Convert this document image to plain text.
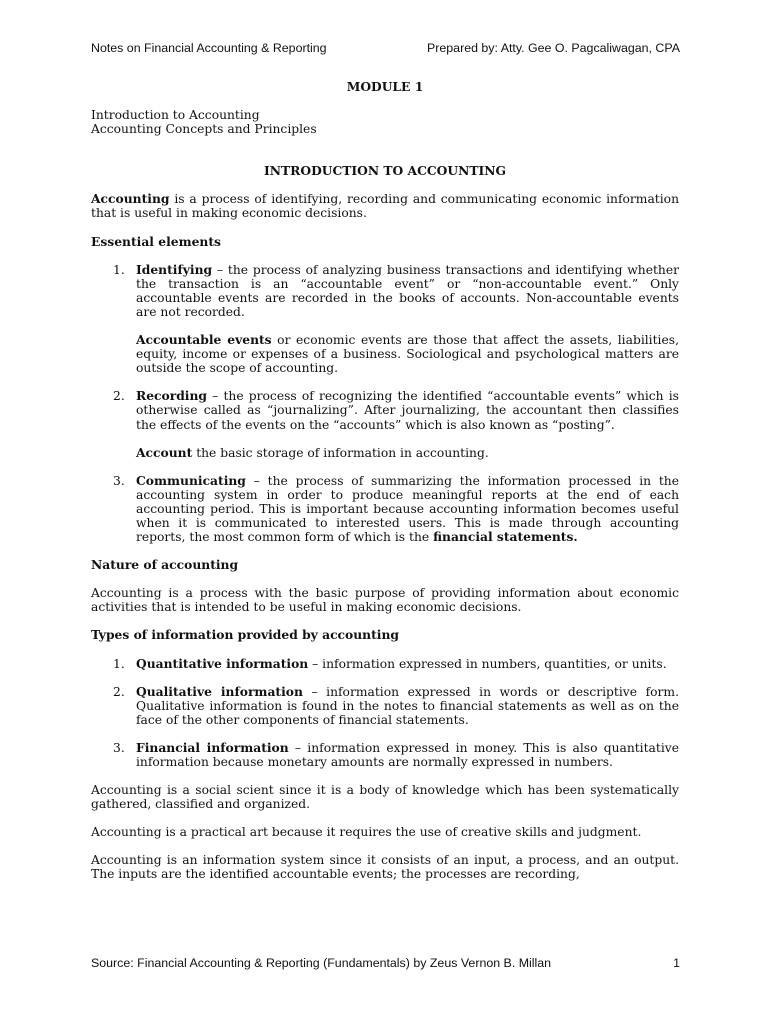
Notes on Financial Accounting & Reporting	Prepared by: Atty. Gee O. Pagcaliwagan, CPA

MODULE 1

Introduction to Accounting

Accounting Concepts and Principles

INTRODUCTION TO ACCOUNTING

Accounting is a process of identifying, recording and communicating economic information that is useful in making economic decisions.

Essential elements

1. Identifying – the process of analyzing business transactions and identifying whether the transaction is an “accountable event” or “non-accountable event.” Only accountable events are recorded in the books of accounts. Non-accountable events are not recorded.

Accountable events or economic events are those that affect the assets, liabilities, equity, income or expenses of a business. Sociological and psychological matters are outside the scope of accounting.

2. Recording – the process of recognizing the identified “accountable events” which is otherwise called as “journalizing”. After journalizing, the accountant then classifies the effects of the events on the “accounts” which is also known as “posting”.

Account the basic storage of information in accounting.

3. Communicating – the process of summarizing the information processed in the accounting system in order to produce meaningful reports at the end of each accounting period. This is important because accounting information becomes useful when it is communicated to interested users. This is made through accounting reports, the most common form of which is the financial statements.

Nature of accounting

Accounting is a process with the basic purpose of providing information about economic activities that is intended to be useful in making economic decisions.

Types of information provided by accounting

1. Quantitative information – information expressed in numbers, quantities, or units.
2. Qualitative information – information expressed in words or descriptive form. Qualitative information is found in the notes to financial statements as well as on the face of the other components of financial statements.
3. Financial information – information expressed in money. This is also quantitative information because monetary amounts are normally expressed in numbers.

Accounting is a social scient since it is a body of knowledge which has been systematically gathered, classified and organized.

Accounting is a practical art because it requires the use of creative skills and judgment.

Accounting is an information system since it consists of an input, a process, and an output. The inputs are the identified accountable events; the processes are recording,

Source: Financial Accounting & Reporting (Fundamentals) by Zeus Vernon B. Millan	1
